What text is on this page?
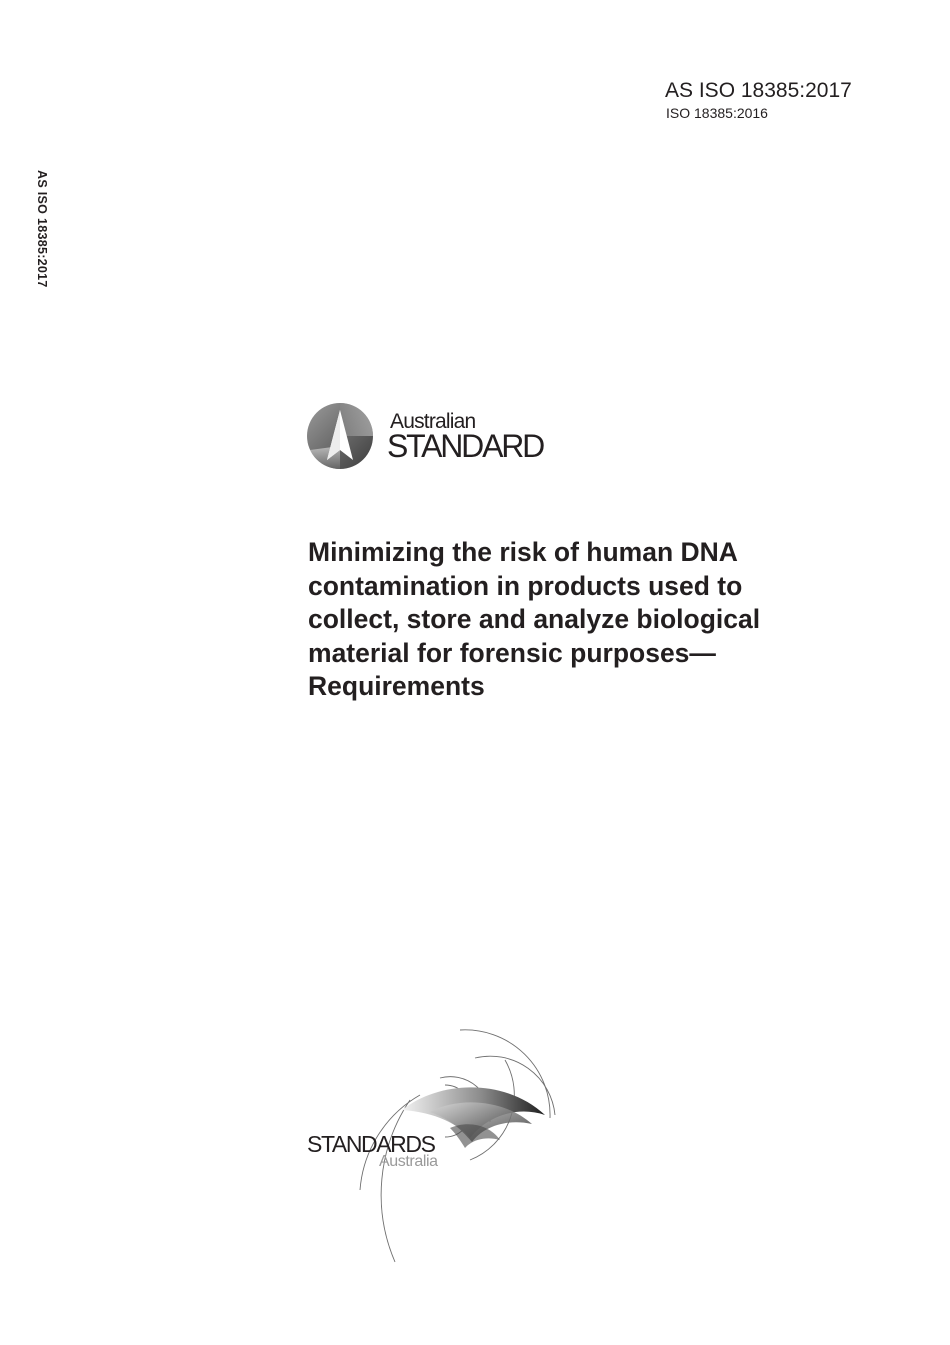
AS ISO 18385:2017
ISO 18385:2016
AS ISO 18385:2017
Australian
STANDARD
Minimizing the risk of human DNA
contamination in products used to
collect, store and analyze biological
material for forensic purposes—
Requirements
STANDARDS
Australia
